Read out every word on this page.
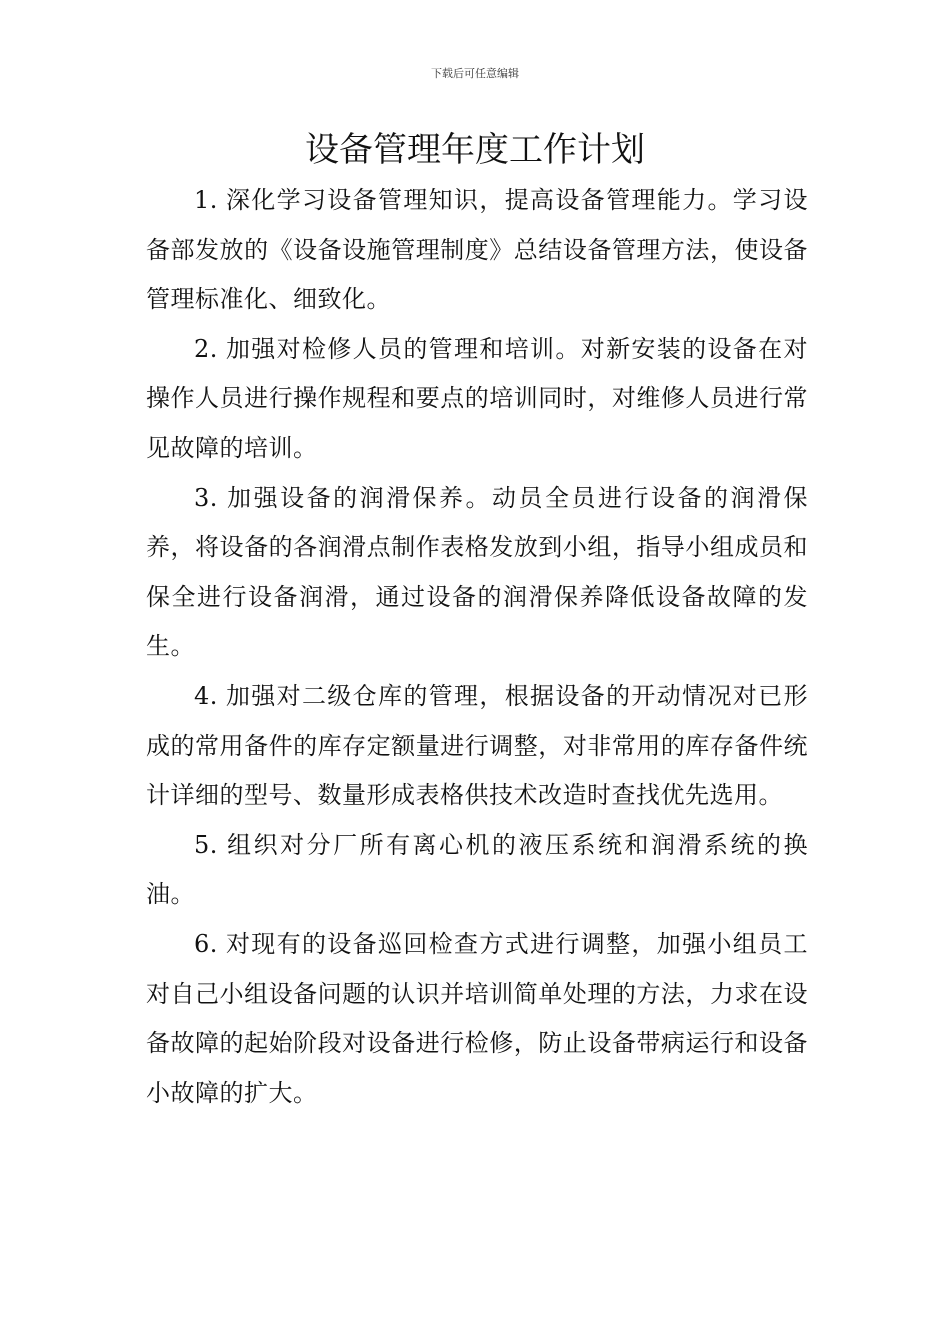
下载后可任意编辑
设备管理年度工作计划

1. 深化学习设备管理知识，提高设备管理能力。学习设备部发放的《设备设施管理制度》总结设备管理方法，使设备管理标准化、细致化。

2. 加强对检修人员的管理和培训。对新安装的设备在对操作人员进行操作规程和要点的培训同时，对维修人员进行常见故障的培训。

3. 加强设备的润滑保养。动员全员进行设备的润滑保养，将设备的各润滑点制作表格发放到小组，指导小组成员和保全进行设备润滑，通过设备的润滑保养降低设备故障的发生。

4. 加强对二级仓库的管理，根据设备的开动情况对已形成的常用备件的库存定额量进行调整，对非常用的库存备件统计详细的型号、数量形成表格供技术改造时查找优先选用。

5. 组织对分厂所有离心机的液压系统和润滑系统的换油。

6. 对现有的设备巡回检查方式进行调整，加强小组员工对自己小组设备问题的认识并培训简单处理的方法，力求在设备故障的起始阶段对设备进行检修，防止设备带病运行和设备小故障的扩大。
